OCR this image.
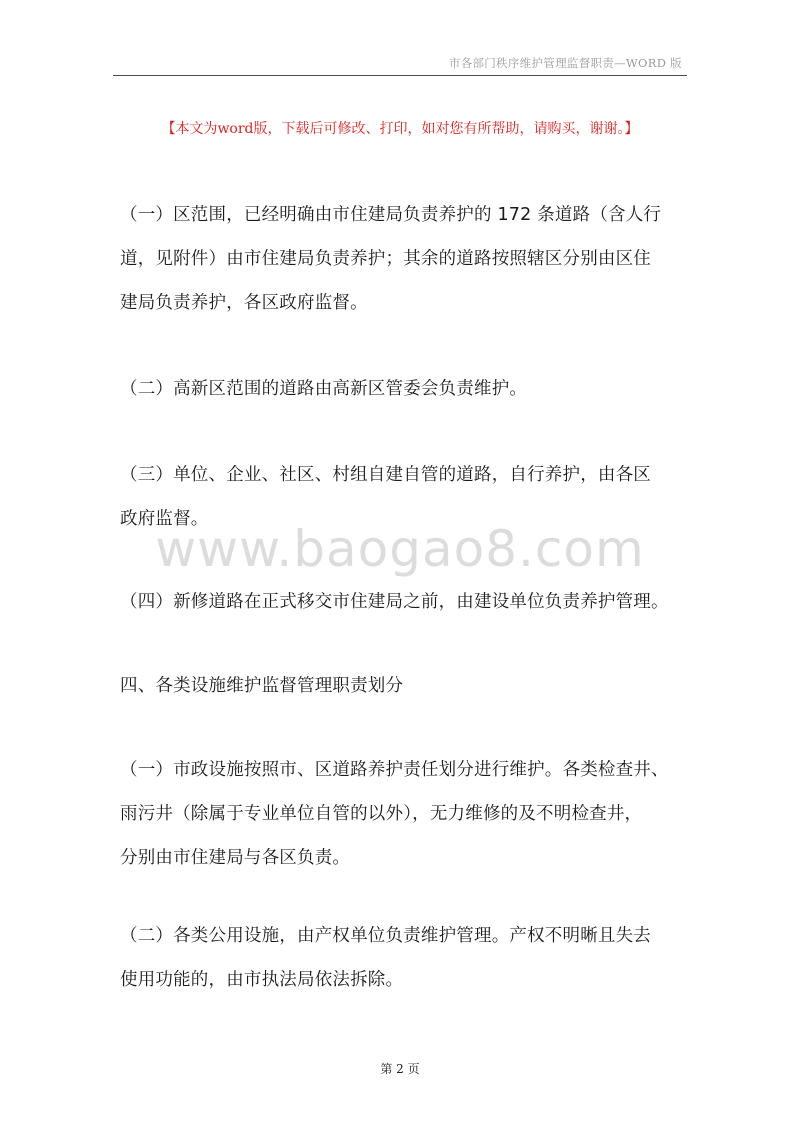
市各部门秩序维护管理监督职责—WORD 版
【本文为word版，下载后可修改、打印，如对您有所帮助，请购买，谢谢。】
www.baogao8.com
（一）区范围，已经明确由市住建局负责养护的 172 条道路（含人行
道，见附件）由市住建局负责养护；其余的道路按照辖区分别由区住
建局负责养护，各区政府监督。
（二）高新区范围的道路由高新区管委会负责维护。
（三）单位、企业、社区、村组自建自管的道路，自行养护，由各区
政府监督。
（四）新修道路在正式移交市住建局之前，由建设单位负责养护管理。
四、各类设施维护监督管理职责划分
（一）市政设施按照市、区道路养护责任划分进行维护。各类检查井、
雨污井（除属于专业单位自管的以外），无力维修的及不明检查井，
分别由市住建局与各区负责。
（二）各类公用设施，由产权单位负责维护管理。产权不明晰且失去
使用功能的，由市执法局依法拆除。
第 2 页
